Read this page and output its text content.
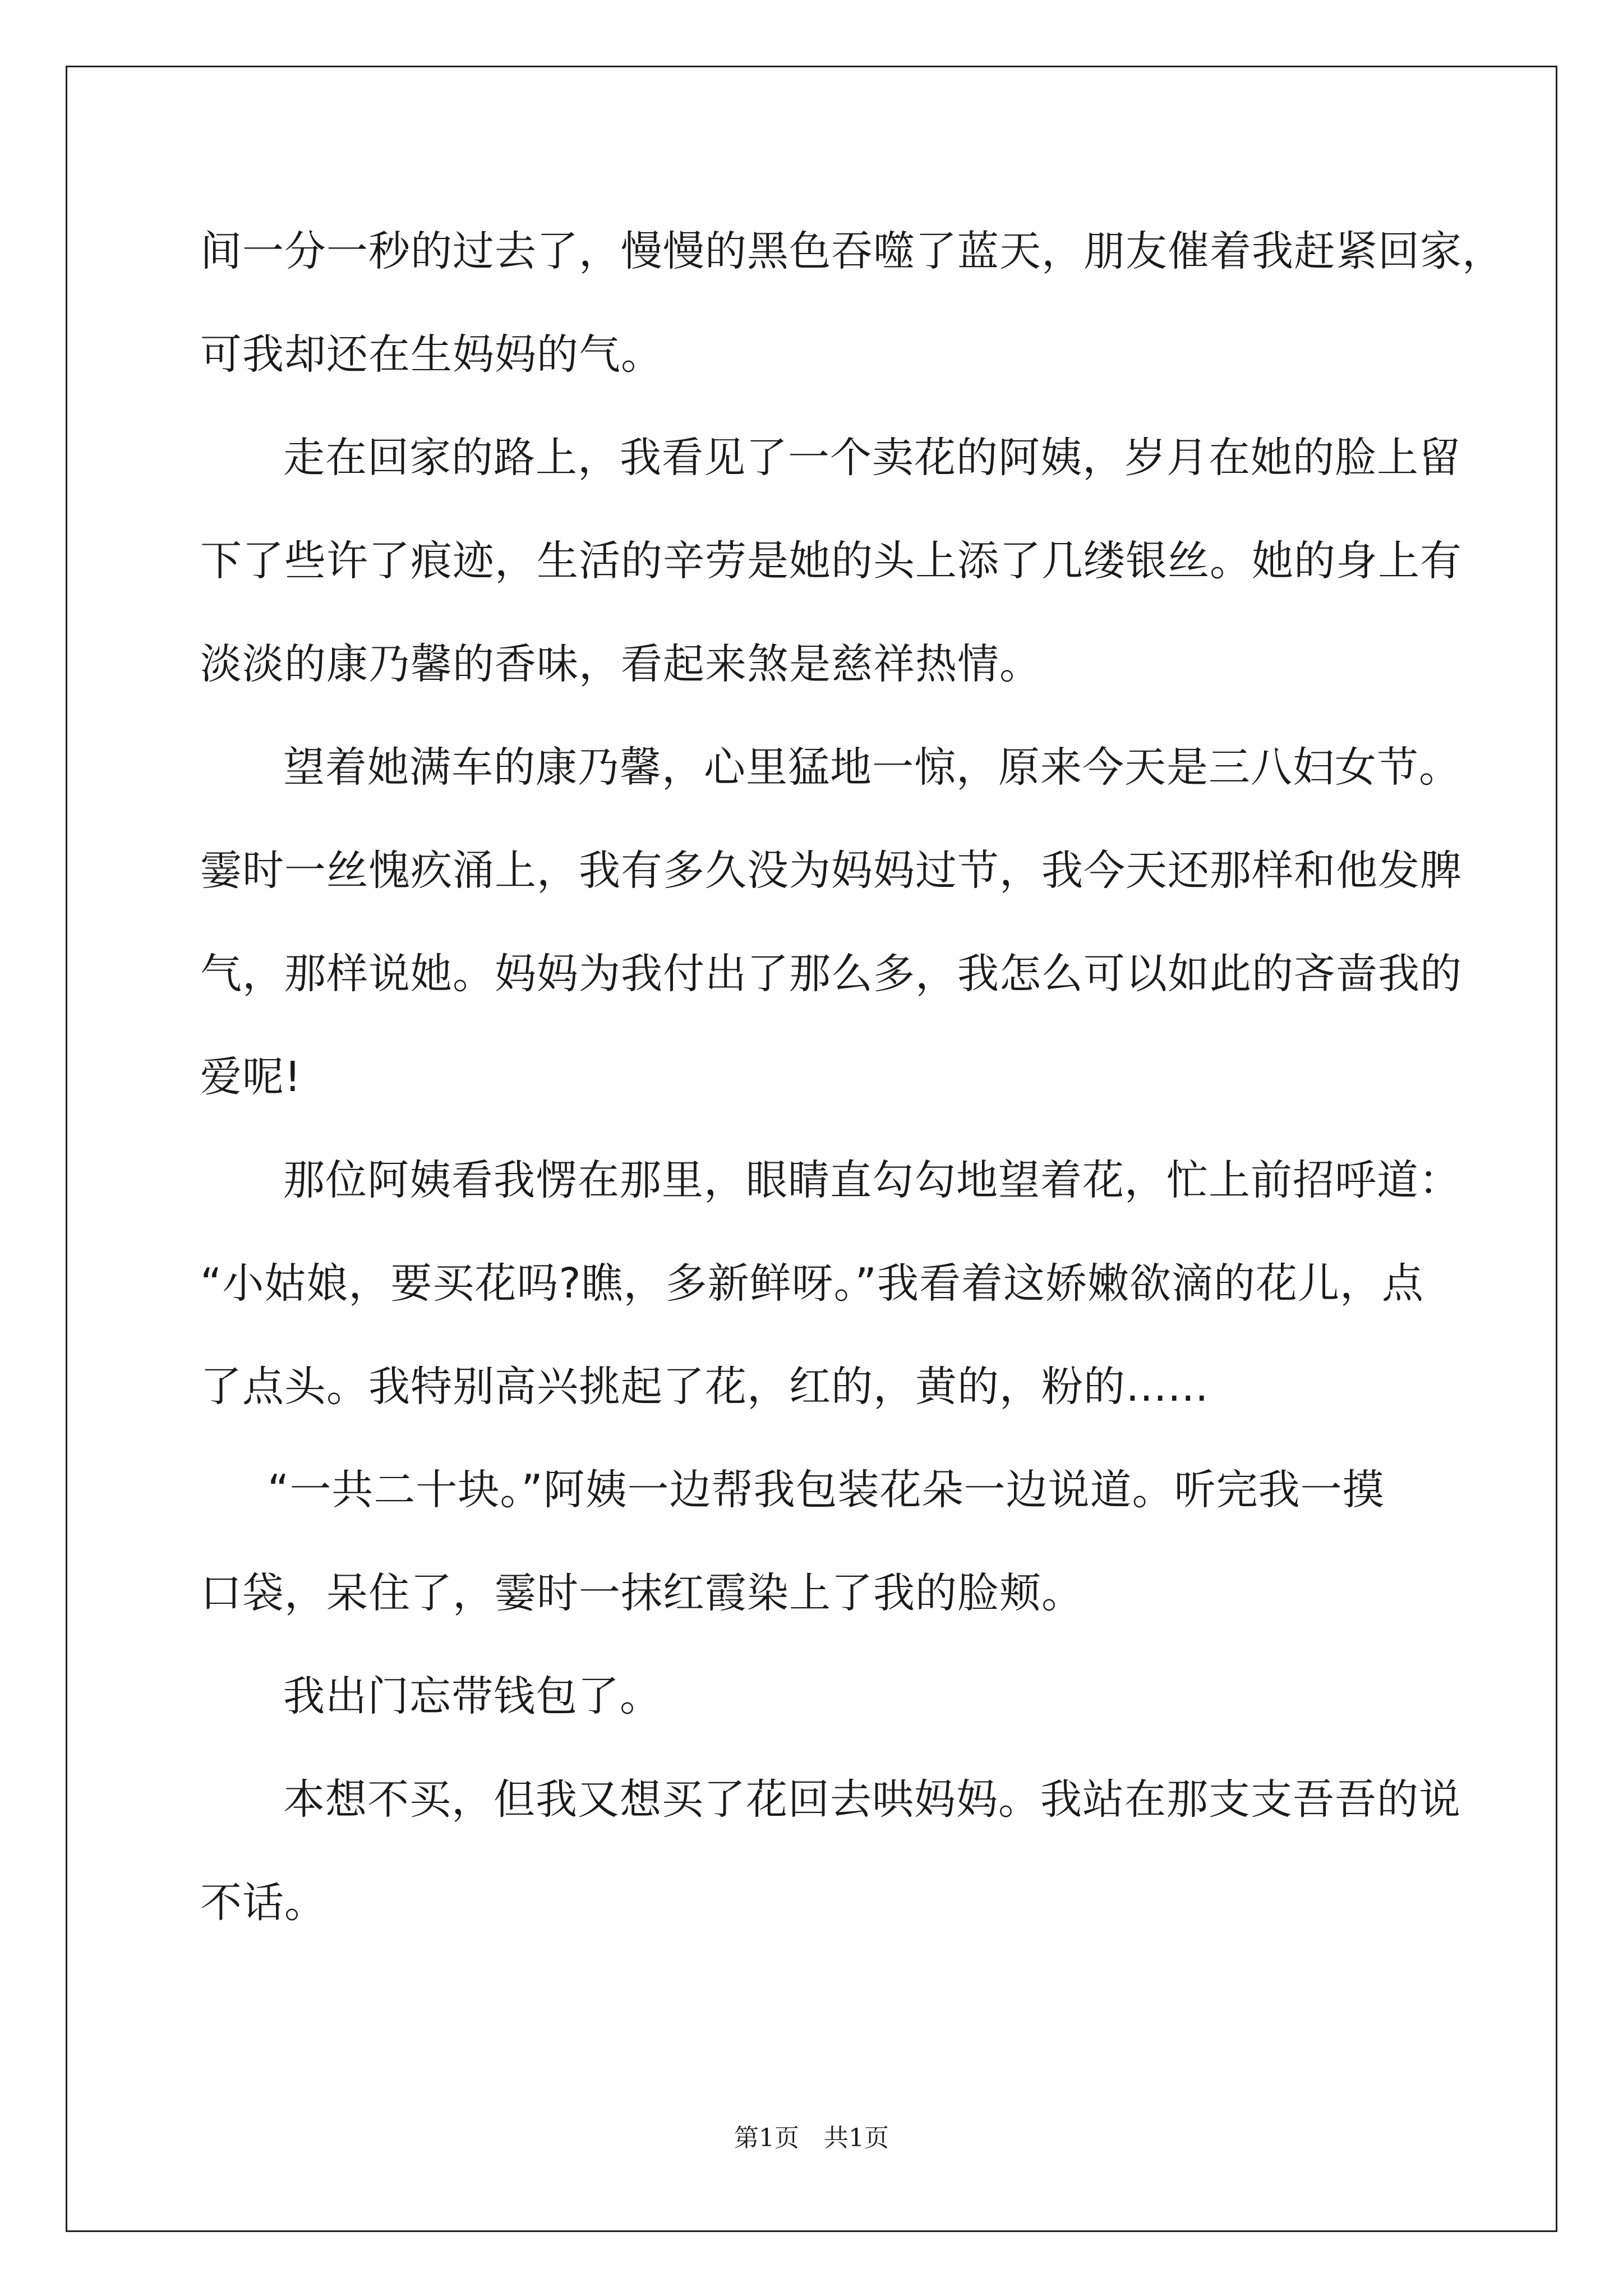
间一分一秒的过去了，慢慢的黑色吞噬了蓝天，朋友催着我赶紧回家，
可我却还在生妈妈的气。
走在回家的路上，我看见了一个卖花的阿姨，岁月在她的脸上留
下了些许了痕迹，生活的辛劳是她的头上添了几缕银丝。她的身上有
淡淡的康乃馨的香味，看起来煞是慈祥热情。
望着她满车的康乃馨，心里猛地一惊，原来今天是三八妇女节。
霎时一丝愧疚涌上，我有多久没为妈妈过节，我今天还那样和他发脾
气，那样说她。妈妈为我付出了那么多，我怎么可以如此的吝啬我的
爱呢!
那位阿姨看我愣在那里，眼睛直勾勾地望着花，忙上前招呼道：
“小姑娘，要买花吗?瞧，多新鲜呀。”我看着这娇嫩欲滴的花儿，点
了点头。我特别高兴挑起了花，红的，黄的，粉的…...
“一共二十块。”阿姨一边帮我包装花朵一边说道。听完我一摸
口袋，呆住了，霎时一抹红霞染上了我的脸颊。
我出门忘带钱包了。
本想不买，但我又想买了花回去哄妈妈。我站在那支支吾吾的说
不话。
第1页 共1页
